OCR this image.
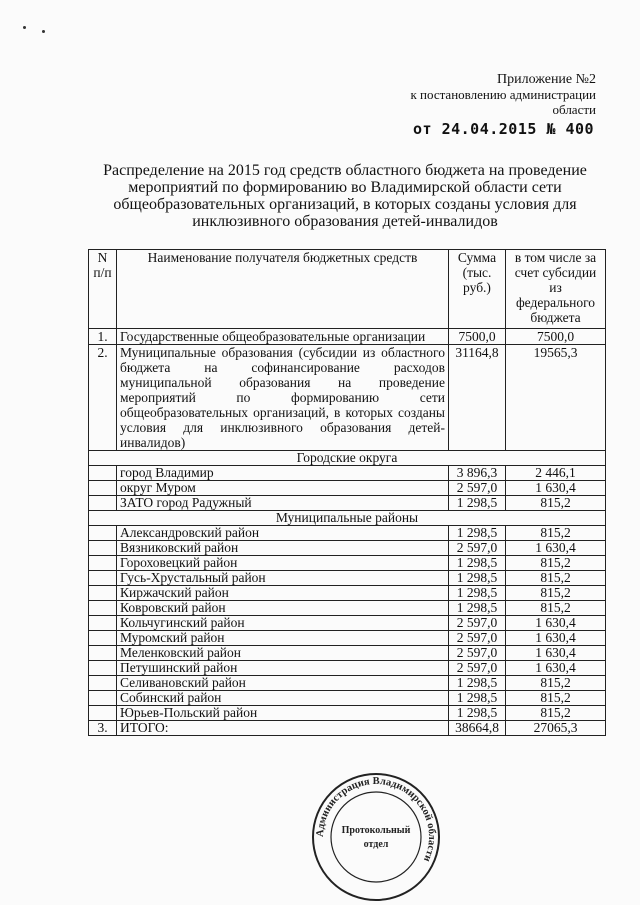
Приложение №2
к постановлению администрации
области
от 24.04.2015 № 400
Распределение на 2015 год средств областного бюджета на проведение мероприятий по формированию во Владимирской области сети общеобразовательных организаций, в которых созданы условия для инклюзивного образования детей-инвалидов
N п/п	Наименование получателя бюджетных средств	Сумма (тыс. руб.)	в том числе за счет субсидии из федерального бюджета
1.	Государственные общеобразовательные организации	7500,0	7500,0
2.	Муниципальные образования (субсидии из областного бюджета на софинансирование расходов муниципальной образования на проведение мероприятий по формированию сети общеобразовательных организаций, в которых созданы условия для инклюзивного образования детей-инвалидов)	31164,8	19565,3
Городские округа			
	город Владимир	3 896,3	2 446,1
	округ Муром	2 597,0	1 630,4
	ЗАТО город Радужный	1 298,5	815,2
Муниципальные районы			
	Александровский район	1 298,5	815,2
	Вязниковский район	2 597,0	1 630,4
	Гороховецкий район	1 298,5	815,2
	Гусь-Хрустальный район	1 298,5	815,2
	Киржачский район	1 298,5	815,2
	Ковровский район	1 298,5	815,2
	Кольчугинский район	2 597,0	1 630,4
	Муромский район	2 597,0	1 630,4
	Меленковский район	2 597,0	1 630,4
	Петушинский район	2 597,0	1 630,4
	Селивановский район	1 298,5	815,2
	Собинский район	1 298,5	815,2
	Юрьев-Польский район	1 298,5	815,2
3.	ИТОГО:	38664,8	27065,3
Администрация Владимирской области
Протокольный
отдел
